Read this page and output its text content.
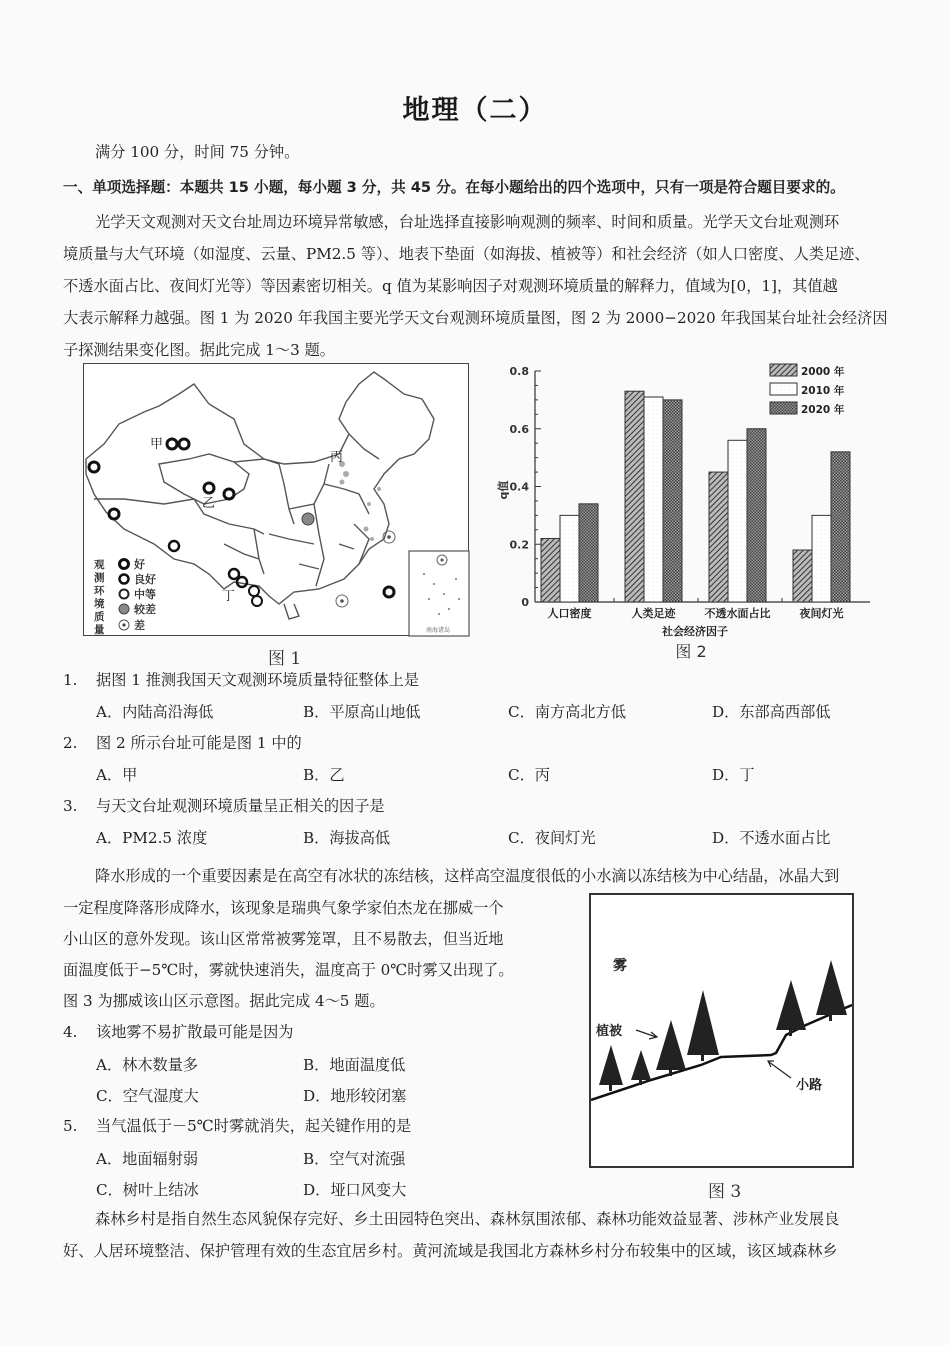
地理（二）
满分 100 分，时间 75 分钟。
一、单项选择题：本题共 15 小题，每小题 3 分，共 45 分。在每小题给出的四个选项中，只有一项是符合题目要求的。
光学天文观测对天文台址周边环境异常敏感，台址选择直接影响观测的频率、时间和质量。光学天文台址观测环
境质量与大气环境（如湿度、云量、PM2.5 等）、地表下垫面（如海拔、植被等）和社会经济（如人口密度、人类足迹、
不透水面占比、夜间灯光等）等因素密切相关。q 值为某影响因子对观测环境质量的解释力，值域为[0，1]，其值越
大表示解释力越强。图 1 为 2020 年我国主要光学天文台观测环境质量图，图 2 为 2000−2020 年我国某台址社会经济因
子探测结果变化图。据此完成 1～3 题。
南海诸岛
甲
乙
丙
丁
观测环境质量
好
良好
中等
较差
差
图 1
0
0.2
0.4
0.6
0.8
q值
人口密度	人类足迹	不透水面占比	夜间灯光
社会经济因子
图 2
2000 年
2010 年
2020 年
1. 据图 1 推测我国天文观测环境质量特征整体上是
A．内陆高沿海低	B．平原高山地低	C．南方高北方低	D．东部高西部低
2. 图 2 所示台址可能是图 1 中的
A．甲	B．乙	C．丙	D．丁
3. 与天文台址观测环境质量呈正相关的因子是
A．PM2.5 浓度	B．海拔高低	C．夜间灯光	D．不透水面占比
降水形成的一个重要因素是在高空有冰状的冻结核，这样高空温度很低的小水滴以冻结核为中心结晶，冰晶大到
一定程度降落形成降水，该现象是瑞典气象学家伯杰龙在挪威一个
小山区的意外发现。该山区常常被雾笼罩，且不易散去，但当近地
面温度低于−5℃时，雾就快速消失，温度高于 0℃时雾又出现了。
图 3 为挪威该山区示意图。据此完成 4～5 题。
4. 该地雾不易扩散最可能是因为
A．林木数量多	B．地面温度低
C．空气湿度大	D．地形较闭塞
5. 当气温低于－5℃时雾就消失，起关键作用的是
A．地面辐射弱	B．空气对流强
C．树叶上结冰	D．垭口风变大
雾
植被
小路
图 3
森林乡村是指自然生态风貌保存完好、乡土田园特色突出、森林氛围浓郁、森林功能效益显著、涉林产业发展良
好、人居环境整洁、保护管理有效的生态宜居乡村。黄河流域是我国北方森林乡村分布较集中的区域，该区域森林乡
